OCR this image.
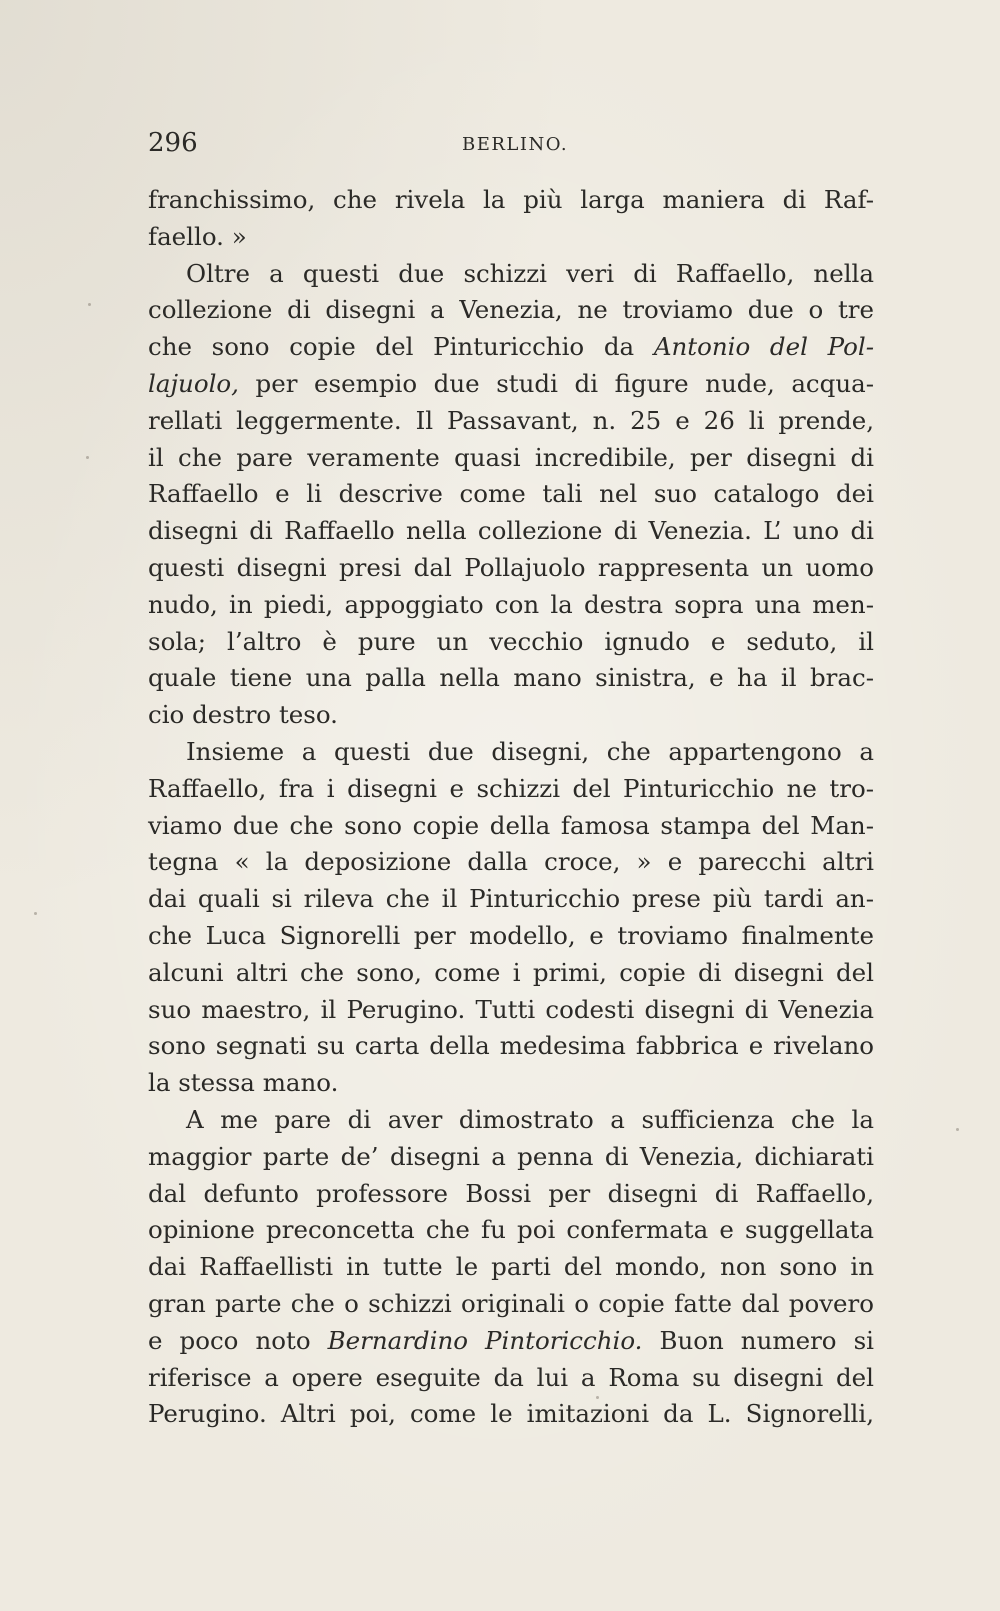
296	BERLINO.
franchissimo, che rivela la più larga maniera di Raf-
faello. »
Oltre a questi due schizzi veri di Raffaello, nella
collezione di disegni a Venezia, ne troviamo due o tre
che sono copie del Pinturicchio da Antonio del Pol-
lajuolo, per esempio due studi di figure nude, acqua-
rellati leggermente. Il Passavant, n. 25 e 26 li prende,
il che pare veramente quasi incredibile, per disegni di
Raffaello e li descrive come tali nel suo catalogo dei
disegni di Raffaello nella collezione di Venezia. L’ uno di
questi disegni presi dal Pollajuolo rappresenta un uomo
nudo, in piedi, appoggiato con la destra sopra una men-
sola; l’altro è pure un vecchio ignudo e seduto, il
quale tiene una palla nella mano sinistra, e ha il brac-
cio destro teso.
Insieme a questi due disegni, che appartengono a
Raffaello, fra i disegni e schizzi del Pinturicchio ne tro-
viamo due che sono copie della famosa stampa del Man-
tegna « la deposizione dalla croce, » e parecchi altri
dai quali si rileva che il Pinturicchio prese più tardi an-
che Luca Signorelli per modello, e troviamo finalmente
alcuni altri che sono, come i primi, copie di disegni del
suo maestro, il Perugino. Tutti codesti disegni di Venezia
sono segnati su carta della medesima fabbrica e rivelano
la stessa mano.
A me pare di aver dimostrato a sufficienza che la
maggior parte de’ disegni a penna di Venezia, dichiarati
dal defunto professore Bossi per disegni di Raffaello,
opinione preconcetta che fu poi confermata e suggellata
dai Raffaellisti in tutte le parti del mondo, non sono in
gran parte che o schizzi originali o copie fatte dal povero
e poco noto Bernardino Pintoricchio. Buon numero si
riferisce a opere eseguite da lui a Roma su disegni del
Perugino. Altri poi, come le imitazioni da L. Signorelli,
